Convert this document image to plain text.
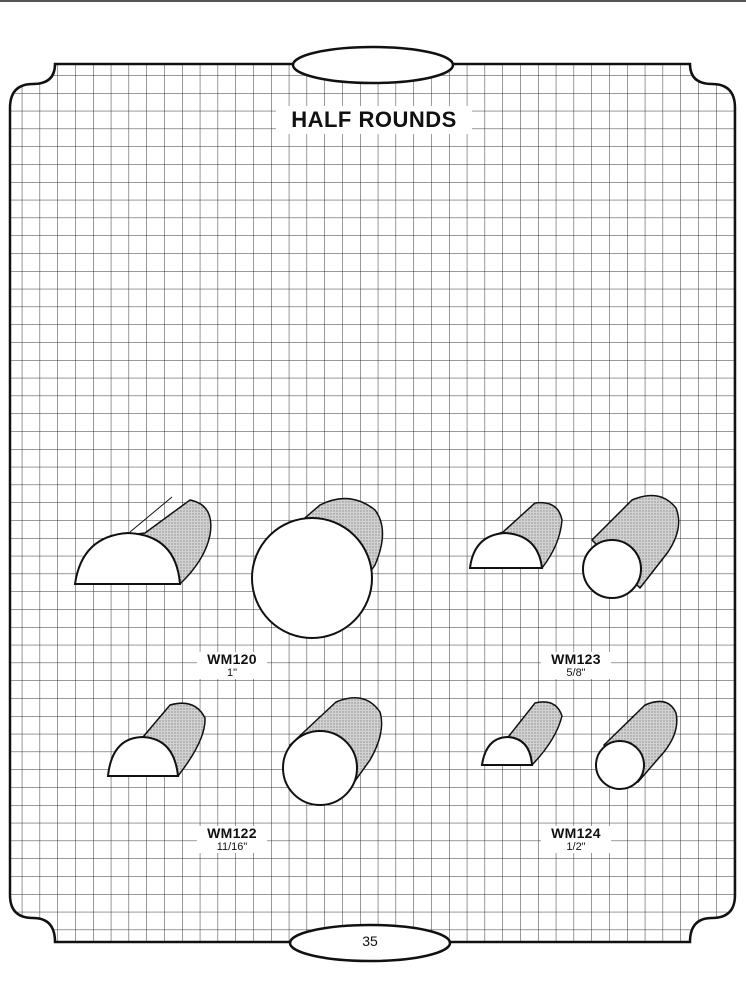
HALF ROUNDS
WM120
1"
WM123
5/8"
WM122
11/16"
WM124
1/2"
35
